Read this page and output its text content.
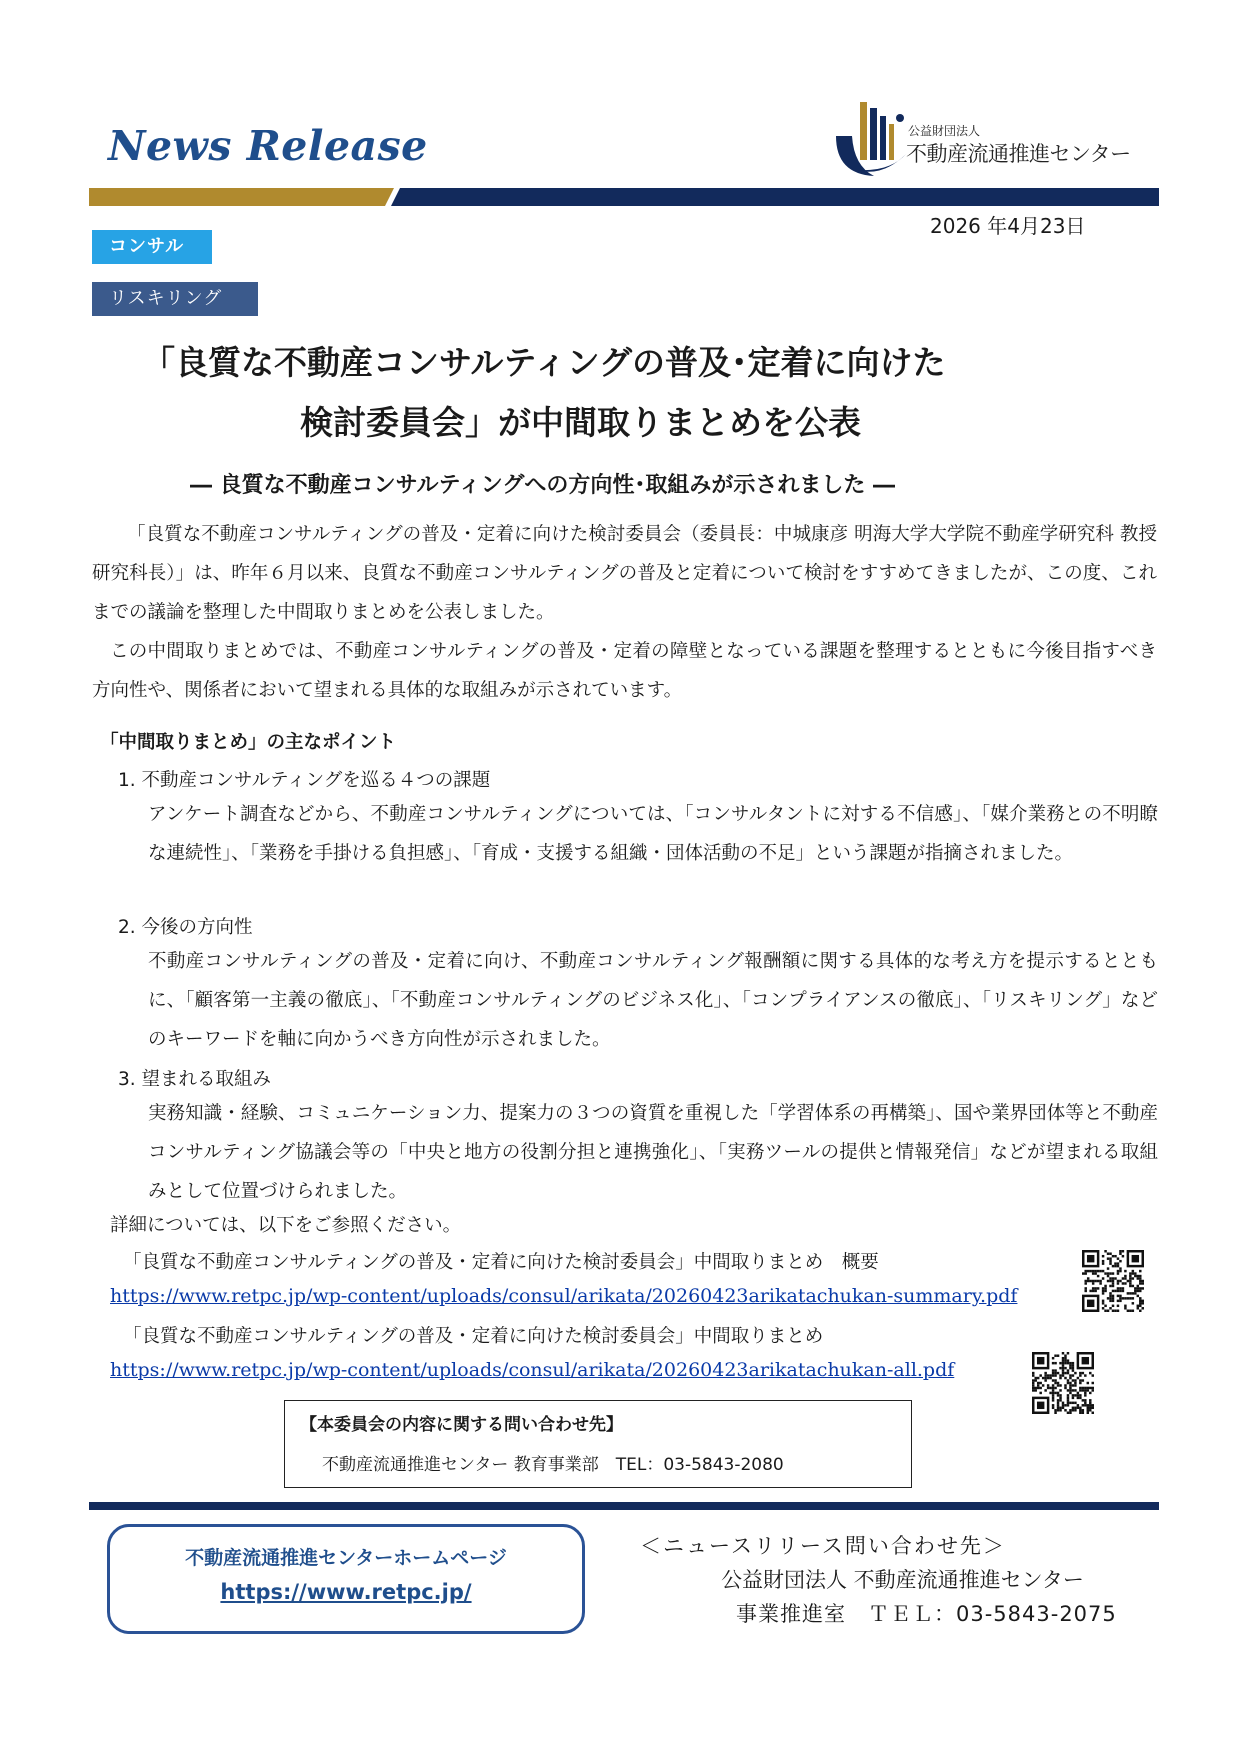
News Release	公益財団法人
不動産流通推進センター
2026 年4月23日
コンサル
リスキリング
「良質な不動産コンサルティングの普及･定着に向けた
検討委員会」が中間取りまとめを公表
― 良質な不動産コンサルティングへの方向性･取組みが示されました ―
「良質な不動産コンサルティングの普及・定着に向けた検討委員会（委員長：中城康彦 明海大学大学院不動産学研究科 教授 研究科長）」は、昨年６月以来、良質な不動産コンサルティングの普及と定着について検討をすすめてきましたが、この度、これまでの議論を整理した中間取りまとめを公表しました。
この中間取りまとめでは、不動産コンサルティングの普及・定着の障壁となっている課題を整理するとともに今後目指すべき方向性や、関係者において望まれる具体的な取組みが示されています。
「中間取りまとめ」の主なポイント
1. 不動産コンサルティングを巡る４つの課題
アンケート調査などから、不動産コンサルティングについては、「コンサルタントに対する不信感」、「媒介業務との不明瞭な連続性」、「業務を手掛ける負担感」、「育成・支援する組織・団体活動の不足」という課題が指摘されました。
2. 今後の方向性
不動産コンサルティングの普及・定着に向け、不動産コンサルティング報酬額に関する具体的な考え方を提示するとともに、「顧客第一主義の徹底」、「不動産コンサルティングのビジネス化」、「コンプライアンスの徹底」、「リスキリング」などのキーワードを軸に向かうべき方向性が示されました。
3. 望まれる取組み
実務知識・経験、コミュニケーション力、提案力の３つの資質を重視した「学習体系の再構築」、国や業界団体等と不動産コンサルティング協議会等の「中央と地方の役割分担と連携強化」、「実務ツールの提供と情報発信」などが望まれる取組みとして位置づけられました。
詳細については、以下をご参照ください。
「良質な不動産コンサルティングの普及・定着に向けた検討委員会」中間取りまとめ　概要
https://www.retpc.jp/wp-content/uploads/consul/arikata/20260423arikatachukan-summary.pdf
「良質な不動産コンサルティングの普及・定着に向けた検討委員会」中間取りまとめ
https://www.retpc.jp/wp-content/uploads/consul/arikata/20260423arikatachukan-all.pdf
【本委員会の内容に関する問い合わせ先】
不動産流通推進センター 教育事業部　TEL：03-5843-2080
不動産流通推進センターホームページ
https://www.retpc.jp/
＜ニュースリリース問い合わせ先＞
公益財団法人 不動産流通推進センター
事業推進室　ＴＥＬ：03-5843-2075
